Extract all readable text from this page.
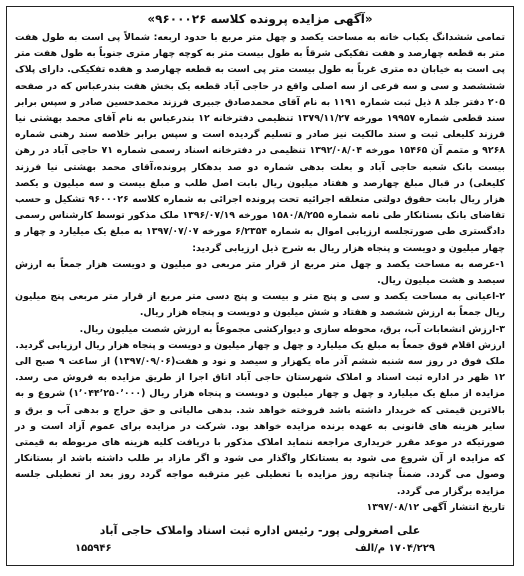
«آگهی مزایده پرونده کلاسه ۹۶۰۰۰۲۶»

تمامی ششدانگ یکباب خانه به مساحت یکصد و چهل متر مربع با حدود اربعه: شمالاً پی است به طول هفت متر به قطعه چهارصد و هفت تفکیکی شرقاً به طول بیست متر به کوچه چهار متری جنوباً به طول هفت متر پی است به خیابان ده متری غرباً به طول بیست متر پی است به قطعه چهارصد و هفده تفکیکی. دارای پلاک شششصد و سی و سه فرعی از سه اصلی واقع در حاجی آباد قطعه یک بخش هفت بندرعباس که در صفحه ۲۰۵ دفتر جلد ۸ ذیل ثبت شماره ۱۱۹۱ به نام آقای محمدصادق جبیری فرزند محمدحسین صادر و سپس برابر سند قطعی شماره ۱۹۹۵۷ مورخه ۱۳۷۹/۱۱/۲۷ تنظیمی دفترخانه ۱۲ بندرعباس به نام آقای محمد بهشتی نیا فرزند کلیعلی ثبت و سند مالکیت نیز صادر و تسلیم گردیده است و سپس برابر خلاصه سند رهنی شماره ۹۲۶۸ و متمم آن ۱۵۴۶۵ مورخه ۱۳۹۲/۰۸/۰۴ تنظیمی در دفترخانه اسناد رسمی شماره ۷۱ حاجی آباد در رهن بیست بانک شعبه حاجی آباد و بعلت بدهی شماره دو صد بدهکار پرونده،آقای محمد بهشتی نیا فرزند کلیعلی) در قبال مبلغ چهارصد و هفتاد میلیون ریال بابت اصل طلب و مبلغ بیست و سه میلیون و یکصد هزار ریال بابت حقوق دولتی متعلقه اجرائیه تحت پرونده اجرائی به شماره کلاسه ۹۶۰۰۰۲۶ تشکیل و حسب تقاضای بانک بستانکار طی نامه شماره ۱۵۸۰/۸/۲۵۵ مورخه ۱۳۹۶/۰۷/۱۹ ملک مذکور توسط کارشناس رسمی دادگستری طی صورتجلسه ارزیابی اموال به شماره ۶/۲۳۵۴ مورخه ۱۳۹۷/۰۷/۰۷ به مبلغ یک میلیارد و چهار و چهار میلیون و دویست و پنجاه هزار ریال به شرح ذیل ارزیابی گردید:

۱-عرصه به مساحت یکصد و چهل متر مربع از قرار متر مربعی دو میلیون و دویست هزار جمعاً به ارزش سیصد و هشت میلیون ریال.

۲-اعیانی به مساحت یکصد و سی و پنج متر و بیست و پنج دسی متر مربع از قرار متر مربعی پنج میلیون ریال جمعاً به ارزش ششصد و هفتاد و شش میلیون و دویست و پنجاه هزار ریال.

۳-ارزش انشعابات آب، برق، محوطه سازی و دیوارکشی مجموعاً به ارزش شصت میلیون ریال.

ارزش اقلام فوق جمعاً به مبلغ یک میلیارد و چهل و چهار میلیون و دویست و پنجاه هزار ریال ارزیابی گردید.

ملک فوق در روز سه شنبه ششم آذر ماه یکهزار و سیصد و نود و هفت(۱۳۹۷/۰۹/۰۶) از ساعت ۹ صبح الی ۱۲ ظهر در اداره ثبت اسناد و املاک شهرستان حاجی آباد اتاق اجرا از طریق مزایده به فروش می رسد. مزایده از مبلغ یک میلیارد و چهل و چهار میلیون و دویست و پنجاه هزار ریال (۱٬۰۴۴٬۲۵۰٬۰۰۰) شروع و به بالاترین قیمتی که خریدار داشته باشد فروخته خواهد شد. بدهی مالیاتی و حق حراج و بدهی آب و برق و سایر هزینه های قانونی به عهده برنده مزایده خواهد بود. شرکت در مزایده برای عموم آزاد است و در صورتیکه در موعد مقرر خریداری مراجعه ننماید املاک مذکور با دریافت کلیه هزینه های مربوطه به قیمتی که مزایده از آن شروع می شود به بستانکار واگذار می شود و اگر مازاد بر طلب داشته باشد از بستانکار وصول می گردد. ضمناً چنانچه روز مزایده با تعطیلی غیر مترقبه مواجه گردد روز بعد از تعطیلی جلسه مزایده برگزار می گردد.

تاریخ انتشار آگهی ۱۳۹۷/۰۸/۱۲

علی اصغرولی پور- رئیس اداره ثبت اسناد واملاک حاجی آباد
۱۷۰۴/۲۲۹ م/الف
۱۵۵۹۴۶
